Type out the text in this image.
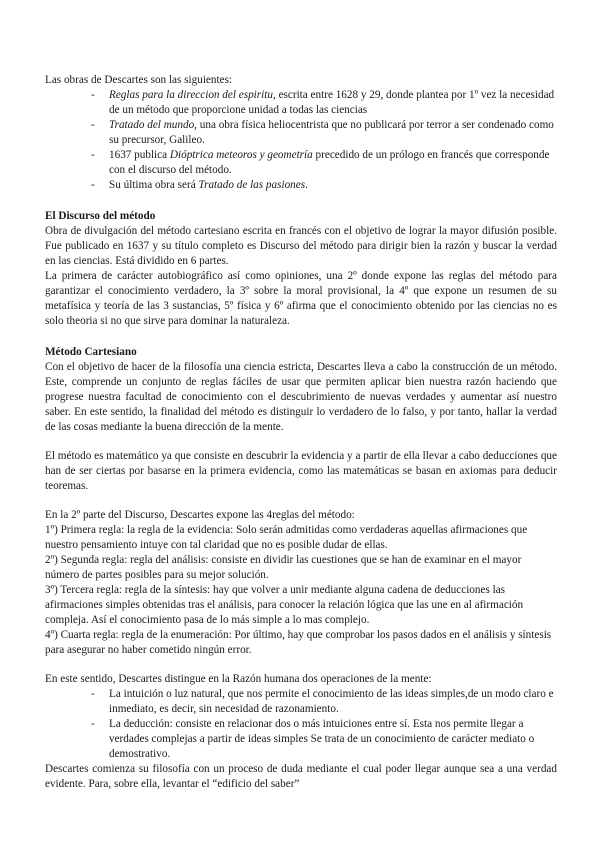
Las obras de Descartes son las siguientes:

- Reglas para la direccion del espiritu, escrita entre 1628 y 29, donde plantea por 1º vez la necesidad de un método que proporcione unidad a todas las ciencias
- Tratado del mundo, una obra física heliocentrista que no publicará por terror a ser condenado como su precursor, Galileo.
- 1637 publica Dióptrica meteoros y geometría precedido de un prólogo en francés que corresponde con el discurso del método.
- Su última obra será Tratado de las pasiones.
El Discurso del método

Obra de divulgación del método cartesiano escrita en francés con el objetivo de lograr la mayor difusión posible. Fue publicado en 1637 y su título completo es Discurso del método para dirigir bien la razón y buscar la verdad en las ciencias. Está dividido en 6 partes.

La primera de carácter autobiográfico así como opiniones, una 2º donde expone las reglas del método para garantizar el conocimiento verdadero, la 3º sobre la moral provisional, la 4º que expone un resumen de su metafísica y teoría de las 3 sustancias, 5º física y 6º afirma que el conocimiento obtenido por las ciencias no es solo theoria si no que sirve para dominar la naturaleza.

Método Cartesiano

Con el objetivo de hacer de la filosofía una ciencia estricta, Descartes lleva a cabo la construcción de un método. Este, comprende un conjunto de reglas fáciles de usar que permiten aplicar bien nuestra razón haciendo que progrese nuestra facultad de conocimiento con el descubrimiento de nuevas verdades y aumentar así nuestro saber. En este sentido, la finalidad del método es distinguir lo verdadero de lo falso, y por tanto, hallar la verdad de las cosas mediante la buena dirección de la mente.

El método es matemático ya que consiste en descubrir la evidencia y a partir de ella llevar a cabo deducciones que han de ser ciertas por basarse en la primera evidencia, como las matemáticas se basan en axiomas para deducir teoremas.

En la 2º parte del Discurso, Descartes expone las 4reglas del método:

1º) Primera regla: la regla de la evidencia: Solo serán admitidas como verdaderas aquellas afirmaciones que nuestro pensamiento intuye con tal claridad que no es posible dudar de ellas.

2º) Segunda regla: regla del análisis: consiste en dividir las cuestiones que se han de examinar en el mayor número de partes posibles para su mejor solución.

3º) Tercera regla: regla de la síntesis: hay que volver a unir mediante alguna cadena de deducciones las afirmaciones simples obtenidas tras el análisis, para conocer la relación lógica que las une en al afirmación compleja. Así el conocimiento pasa de lo más simple a lo mas complejo.

4º) Cuarta regla: regla de la enumeración: Por último, hay que comprobar los pasos dados en el análisis y síntesis para asegurar no haber cometido ningún error.

En este sentido, Descartes distingue en la Razón humana dos operaciones de la mente:

- La intuición o luz natural, que nos permite el conocimiento de las ideas simples,de un modo claro e inmediato, es decir, sin necesidad de razonamiento.
- La deducción: consiste en relacionar dos o más intuiciones entre sí. Esta nos permite llegar a verdades complejas a partir de ideas simples Se trata de un conocimiento de carácter mediato o demostrativo.

Descartes comienza su filosofía con un proceso de duda mediante el cual poder llegar aunque sea a una verdad evidente. Para, sobre ella, levantar el “edificio del saber”
